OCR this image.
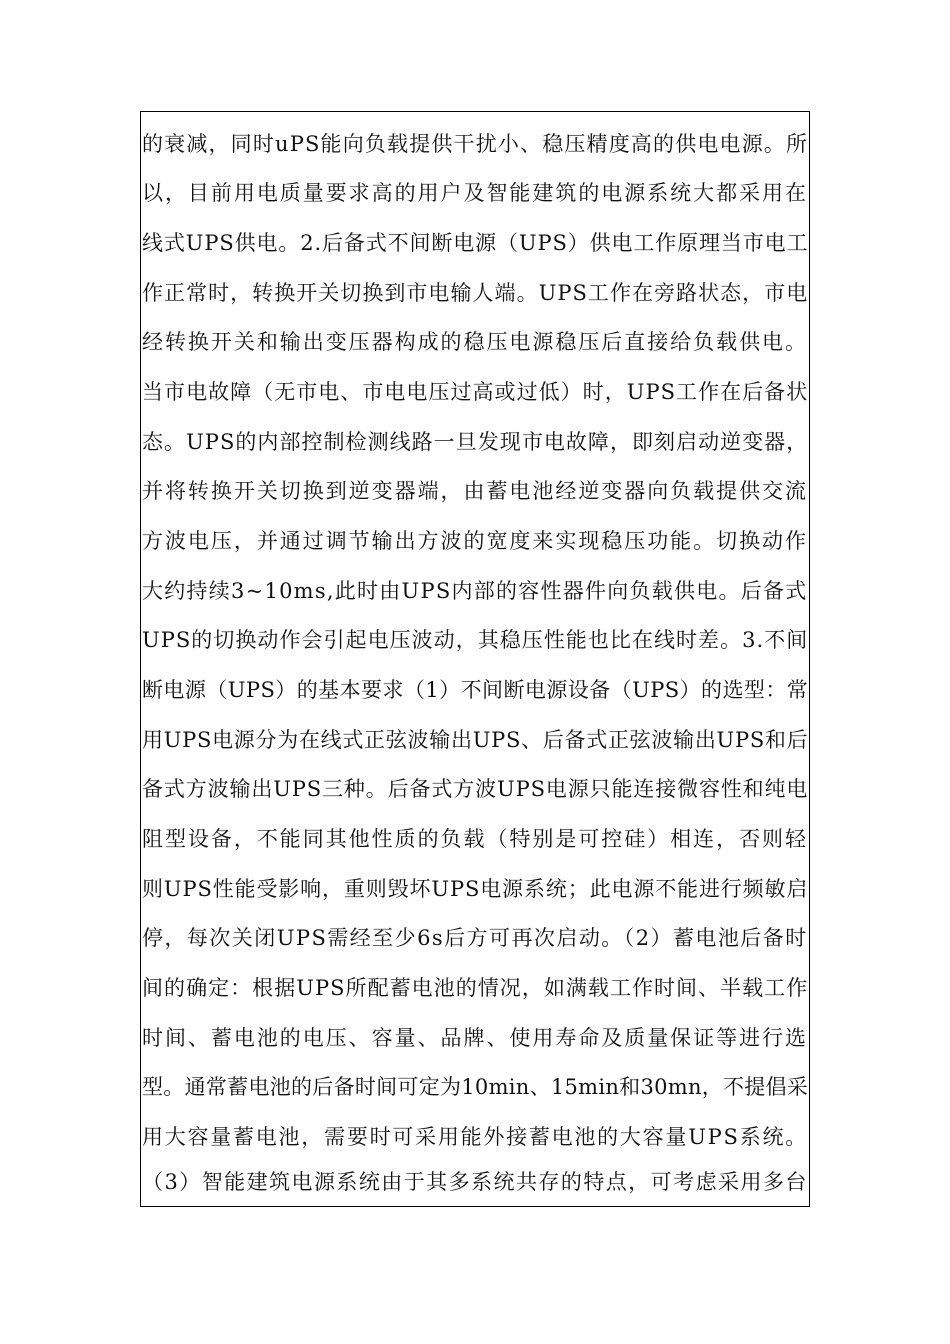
的衰减，同时uPS能向负载提供干扰小、稳压精度高的供电电源。所
以，目前用电质量要求高的用户及智能建筑的电源系统大都采用在
线式UPS供电。2.后备式不间断电源（UPS）供电工作原理当市电工
作正常时，转换开关切换到市电输人端。UPS工作在旁路状态，市电
经转换开关和输出变压器构成的稳压电源稳压后直接给负载供电。
当市电故障（无市电、市电电压过高或过低）时，UPS工作在后备状
态。UPS的内部控制检测线路一旦发现市电故障，即刻启动逆变器，
并将转换开关切换到逆变器端，由蓄电池经逆变器向负载提供交流
方波电压，并通过调节输出方波的宽度来实现稳压功能。切换动作
大约持续3~10ms,此时由UPS内部的容性器件向负载供电。后备式
UPS的切换动作会引起电压波动，其稳压性能也比在线时差。3.不间
断电源（UPS）的基本要求（1）不间断电源设备（UPS）的选型：常
用UPS电源分为在线式正弦波输出UPS、后备式正弦波输出UPS和后
备式方波输出UPS三种。后备式方波UPS电源只能连接微容性和纯电
阻型设备，不能同其他性质的负载（特别是可控硅）相连，否则轻
则UPS性能受影响，重则毁坏UPS电源系统；此电源不能进行频敏启
停，每次关闭UPS需经至少6s后方可再次启动。（2）蓄电池后备时
间的确定：根据UPS所配蓄电池的情况，如满载工作时间、半载工作
时间、蓄电池的电压、容量、品牌、使用寿命及质量保证等进行选
型。通常蓄电池的后备时间可定为10min、15min和30mn，不提倡采
用大容量蓄电池，需要时可采用能外接蓄电池的大容量UPS系统。
（3）智能建筑电源系统由于其多系统共存的特点，可考虑采用多台
